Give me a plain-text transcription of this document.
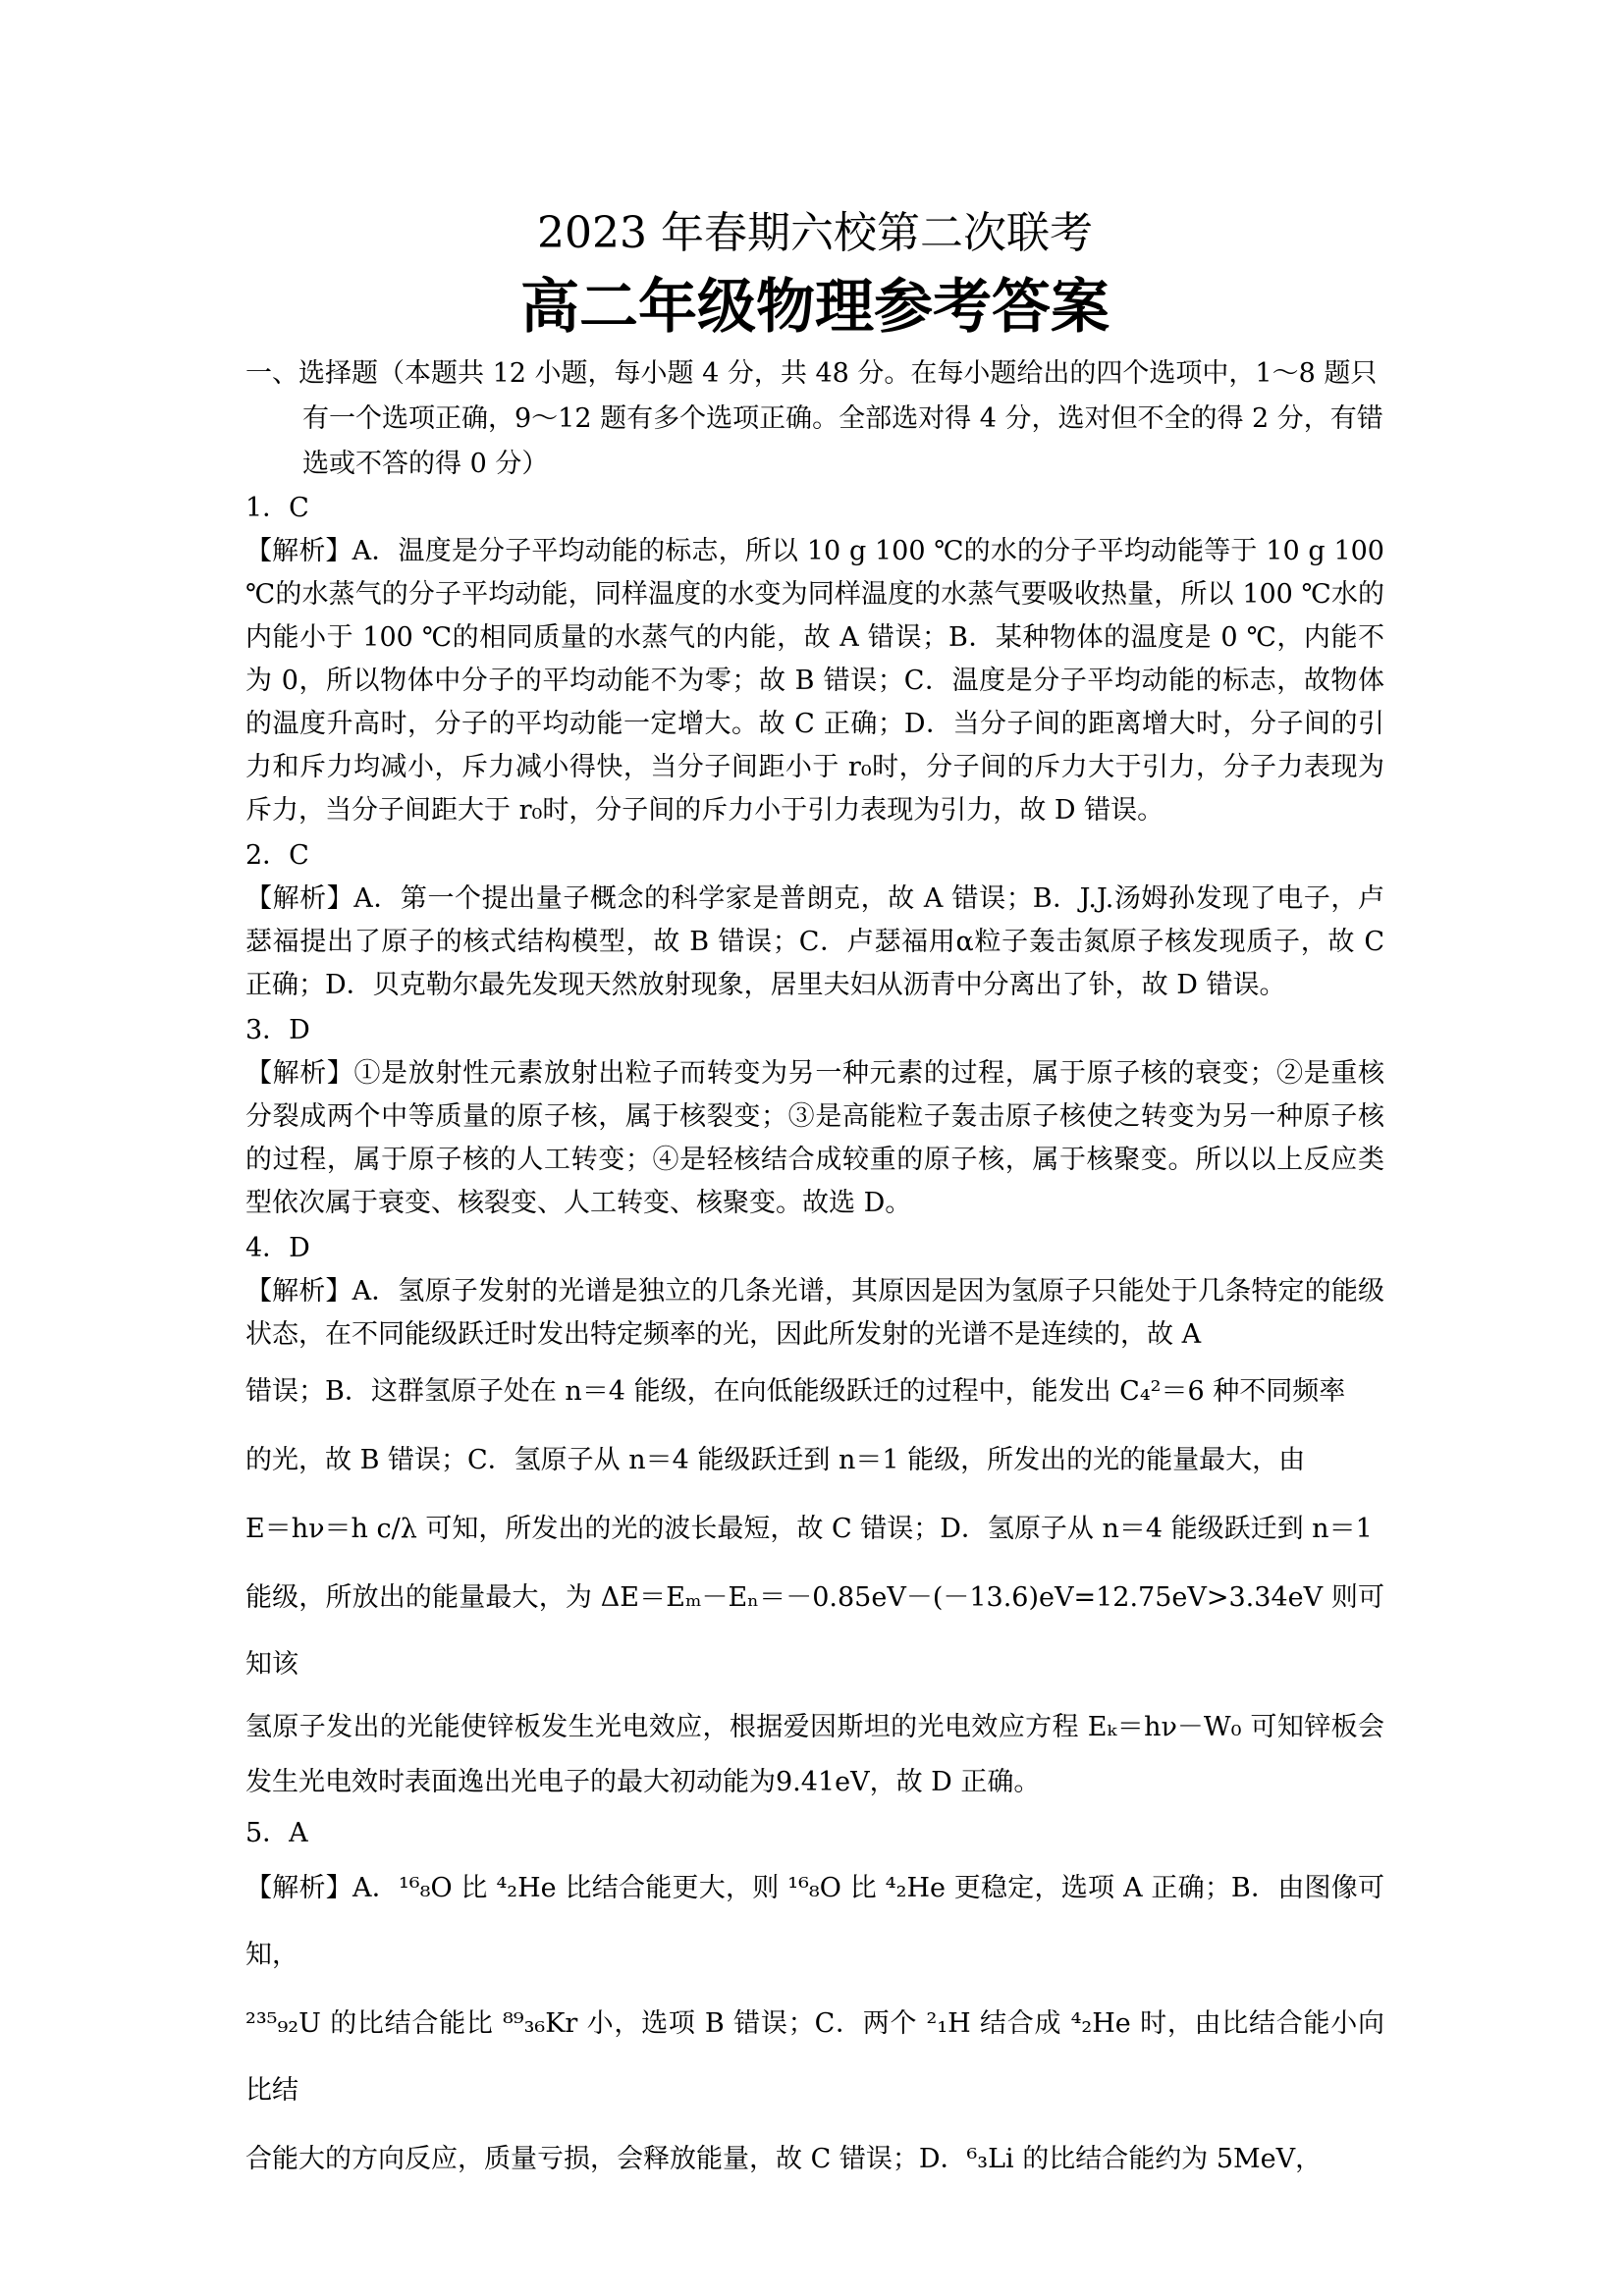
2023 年春期六校第二次联考
高二年级物理参考答案

一、选择题（本题共 12 小题，每小题 4 分，共 48 分。在每小题给出的四个选项中，1～8 题只有一个选项正确，9～12 题有多个选项正确。全部选对得 4 分，选对但不全的得 2 分，有错选或不答的得 0 分）

1．C

【解析】A．温度是分子平均动能的标志，所以 10 g 100 ℃的水的分子平均动能等于 10 g 100 ℃的水蒸气的分子平均动能，同样温度的水变为同样温度的水蒸气要吸收热量，所以 100 ℃水的内能小于 100 ℃的相同质量的水蒸气的内能，故 A 错误；B．某种物体的温度是 0 ℃，内能不为 0，所以物体中分子的平均动能不为零；故 B 错误；C．温度是分子平均动能的标志，故物体的温度升高时，分子的平均动能一定增大。故 C 正确；D．当分子间的距离增大时，分子间的引力和斥力均减小，斥力减小得快，当分子间距小于 r₀时，分子间的斥力大于引力，分子力表现为斥力，当分子间距大于 r₀时，分子间的斥力小于引力表现为引力，故 D 错误。

2．C

【解析】A．第一个提出量子概念的科学家是普朗克，故 A 错误；B．J.J.汤姆孙发现了电子，卢瑟福提出了原子的核式结构模型，故 B 错误；C．卢瑟福用α粒子轰击氮原子核发现质子，故 C 正确；D．贝克勒尔最先发现天然放射现象，居里夫妇从沥青中分离出了钋，故 D 错误。

3．D

【解析】①是放射性元素放射出粒子而转变为另一种元素的过程，属于原子核的衰变；②是重核分裂成两个中等质量的原子核，属于核裂变；③是高能粒子轰击原子核使之转变为另一种原子核的过程，属于原子核的人工转变；④是轻核结合成较重的原子核，属于核聚变。所以以上反应类型依次属于衰变、核裂变、人工转变、核聚变。故选 D。

4．D

【解析】A．氢原子发射的光谱是独立的几条光谱，其原因是因为氢原子只能处于几条特定的能级状态，在不同能级跃迁时发出特定频率的光，因此所发射的光谱不是连续的，故 A

错误；B．这群氢原子处在 n＝4 能级，在向低能级跃迁的过程中，能发出 C₄²＝6 种不同频率

的光，故 B 错误；C．氢原子从 n＝4 能级跃迁到 n＝1 能级，所发出的光的能量最大，由

E＝hν＝h c/λ 可知，所发出的光的波长最短，故 C 错误；D．氢原子从 n＝4 能级跃迁到 n＝1

能级，所放出的能量最大，为 ΔE＝Eₘ－Eₙ＝－0.85eV－(－13.6)eV=12.75eV>3.34eV 则可知该

氢原子发出的光能使锌板发生光电效应，根据爱因斯坦的光电效应方程 Eₖ＝hν－W₀ 可知锌板会发生光电效时表面逸出光电子的最大初动能为9.41eV，故 D 正确。

5．A

【解析】A．¹⁶₈O 比 ⁴₂He 比结合能更大，则 ¹⁶₈O 比 ⁴₂He 更稳定，选项 A 正确；B．由图像可知，

²³⁵₉₂U 的比结合能比 ⁸⁹₃₆Kr 小，选项 B 错误；C．两个 ²₁H 结合成 ⁴₂He 时，由比结合能小向比结

合能大的方向反应，质量亏损，会释放能量，故 C 错误；D．⁶₃Li 的比结合能约为 5MeV，
